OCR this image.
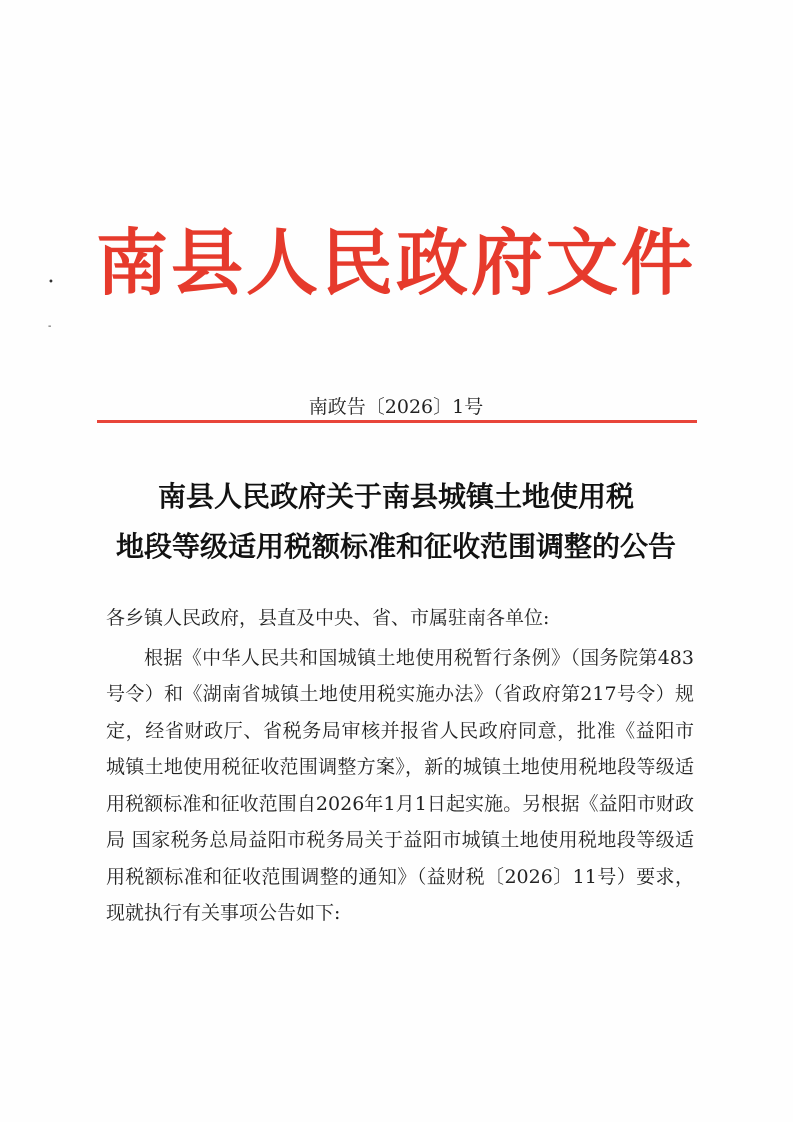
•
-
南县人民政府文件
南政告〔2026〕1号
南县人民政府关于南县城镇土地使用税
地段等级适用税额标准和征收范围调整的公告

各乡镇人民政府，县直及中央、省、市属驻南各单位:

根据《中华人民共和国城镇土地使用税暂行条例》（国务院第483号令）和《湖南省城镇土地使用税实施办法》（省政府第217号令）规定，经省财政厅、省税务局审核并报省人民政府同意，批准《益阳市城镇土地使用税征收范围调整方案》，新的城镇土地使用税地段等级适用税额标准和征收范围自2026年1月1日起实施。另根据《益阳市财政局 国家税务总局益阳市税务局关于益阳市城镇土地使用税地段等级适用税额标准和征收范围调整的通知》（益财税〔2026〕11号）要求，现就执行有关事项公告如下:
